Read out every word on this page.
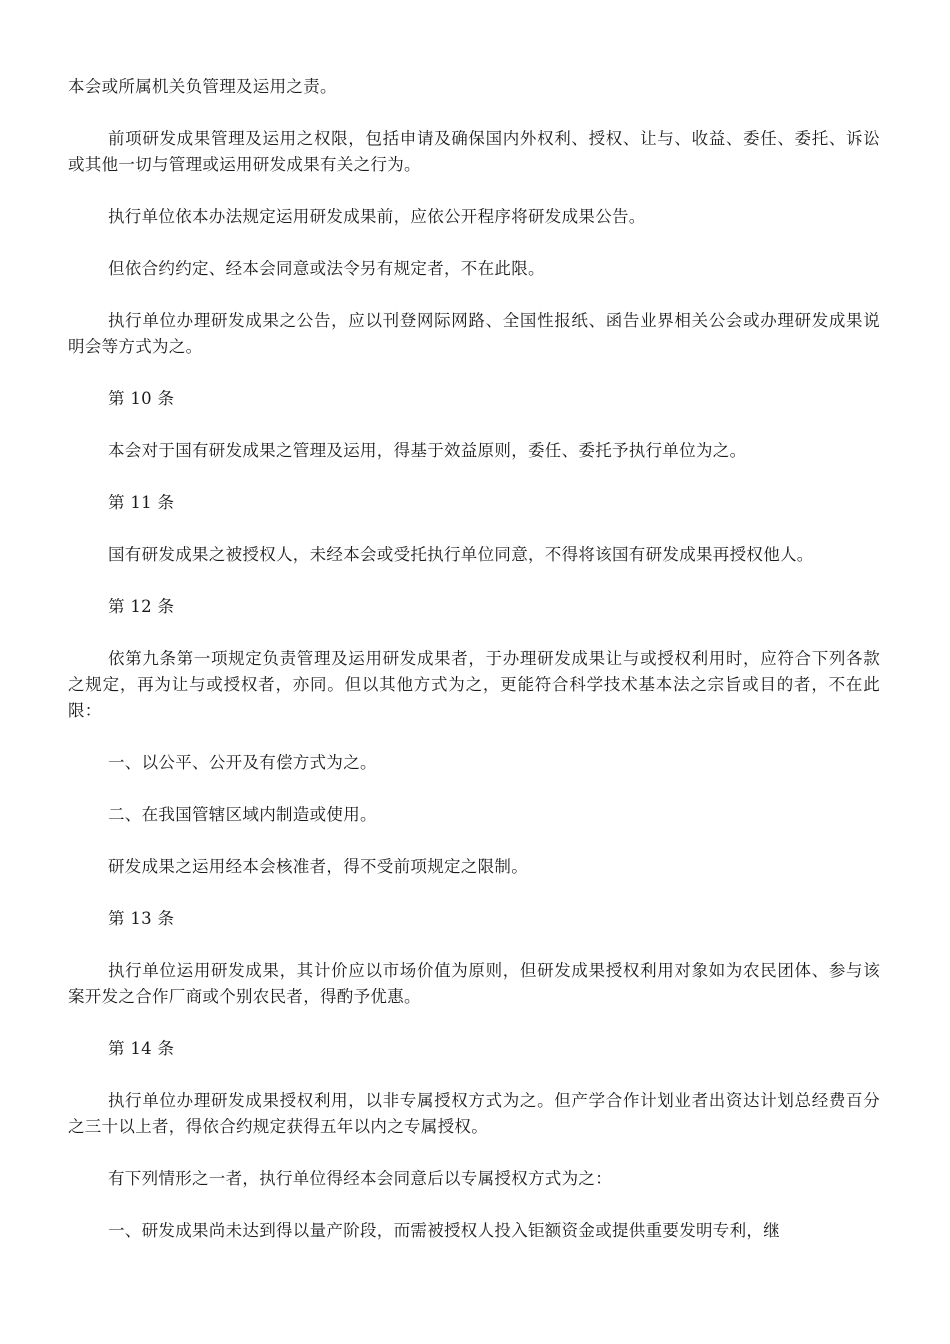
本会或所属机关负管理及运用之责。

前项研发成果管理及运用之权限，包括申请及确保国内外权利、授权、让与、收益、委任、委托、诉讼或其他一切与管理或运用研发成果有关之行为。

执行单位依本办法规定运用研发成果前，应依公开程序将研发成果公告。

但依合约约定、经本会同意或法令另有规定者，不在此限。

执行单位办理研发成果之公告，应以刊登网际网路、全国性报纸、函告业界相关公会或办理研发成果说明会等方式为之。

第 10 条

本会对于国有研发成果之管理及运用，得基于效益原则，委任、委托予执行单位为之。

第 11 条

国有研发成果之被授权人，未经本会或受托执行单位同意，不得将该国有研发成果再授权他人。

第 12 条

依第九条第一项规定负责管理及运用研发成果者，于办理研发成果让与或授权利用时，应符合下列各款之规定，再为让与或授权者，亦同。但以其他方式为之，更能符合科学技术基本法之宗旨或目的者，不在此限：

一、以公平、公开及有偿方式为之。

二、在我国管辖区域内制造或使用。

研发成果之运用经本会核准者，得不受前项规定之限制。

第 13 条

执行单位运用研发成果，其计价应以市场价值为原则，但研发成果授权利用对象如为农民团体、参与该案开发之合作厂商或个别农民者，得酌予优惠。

第 14 条

执行单位办理研发成果授权利用，以非专属授权方式为之。但产学合作计划业者出资达计划总经费百分之三十以上者，得依合约规定获得五年以内之专属授权。

有下列情形之一者，执行单位得经本会同意后以专属授权方式为之：

一、研发成果尚未达到得以量产阶段，而需被授权人投入钜额资金或提供重要发明专利，继
